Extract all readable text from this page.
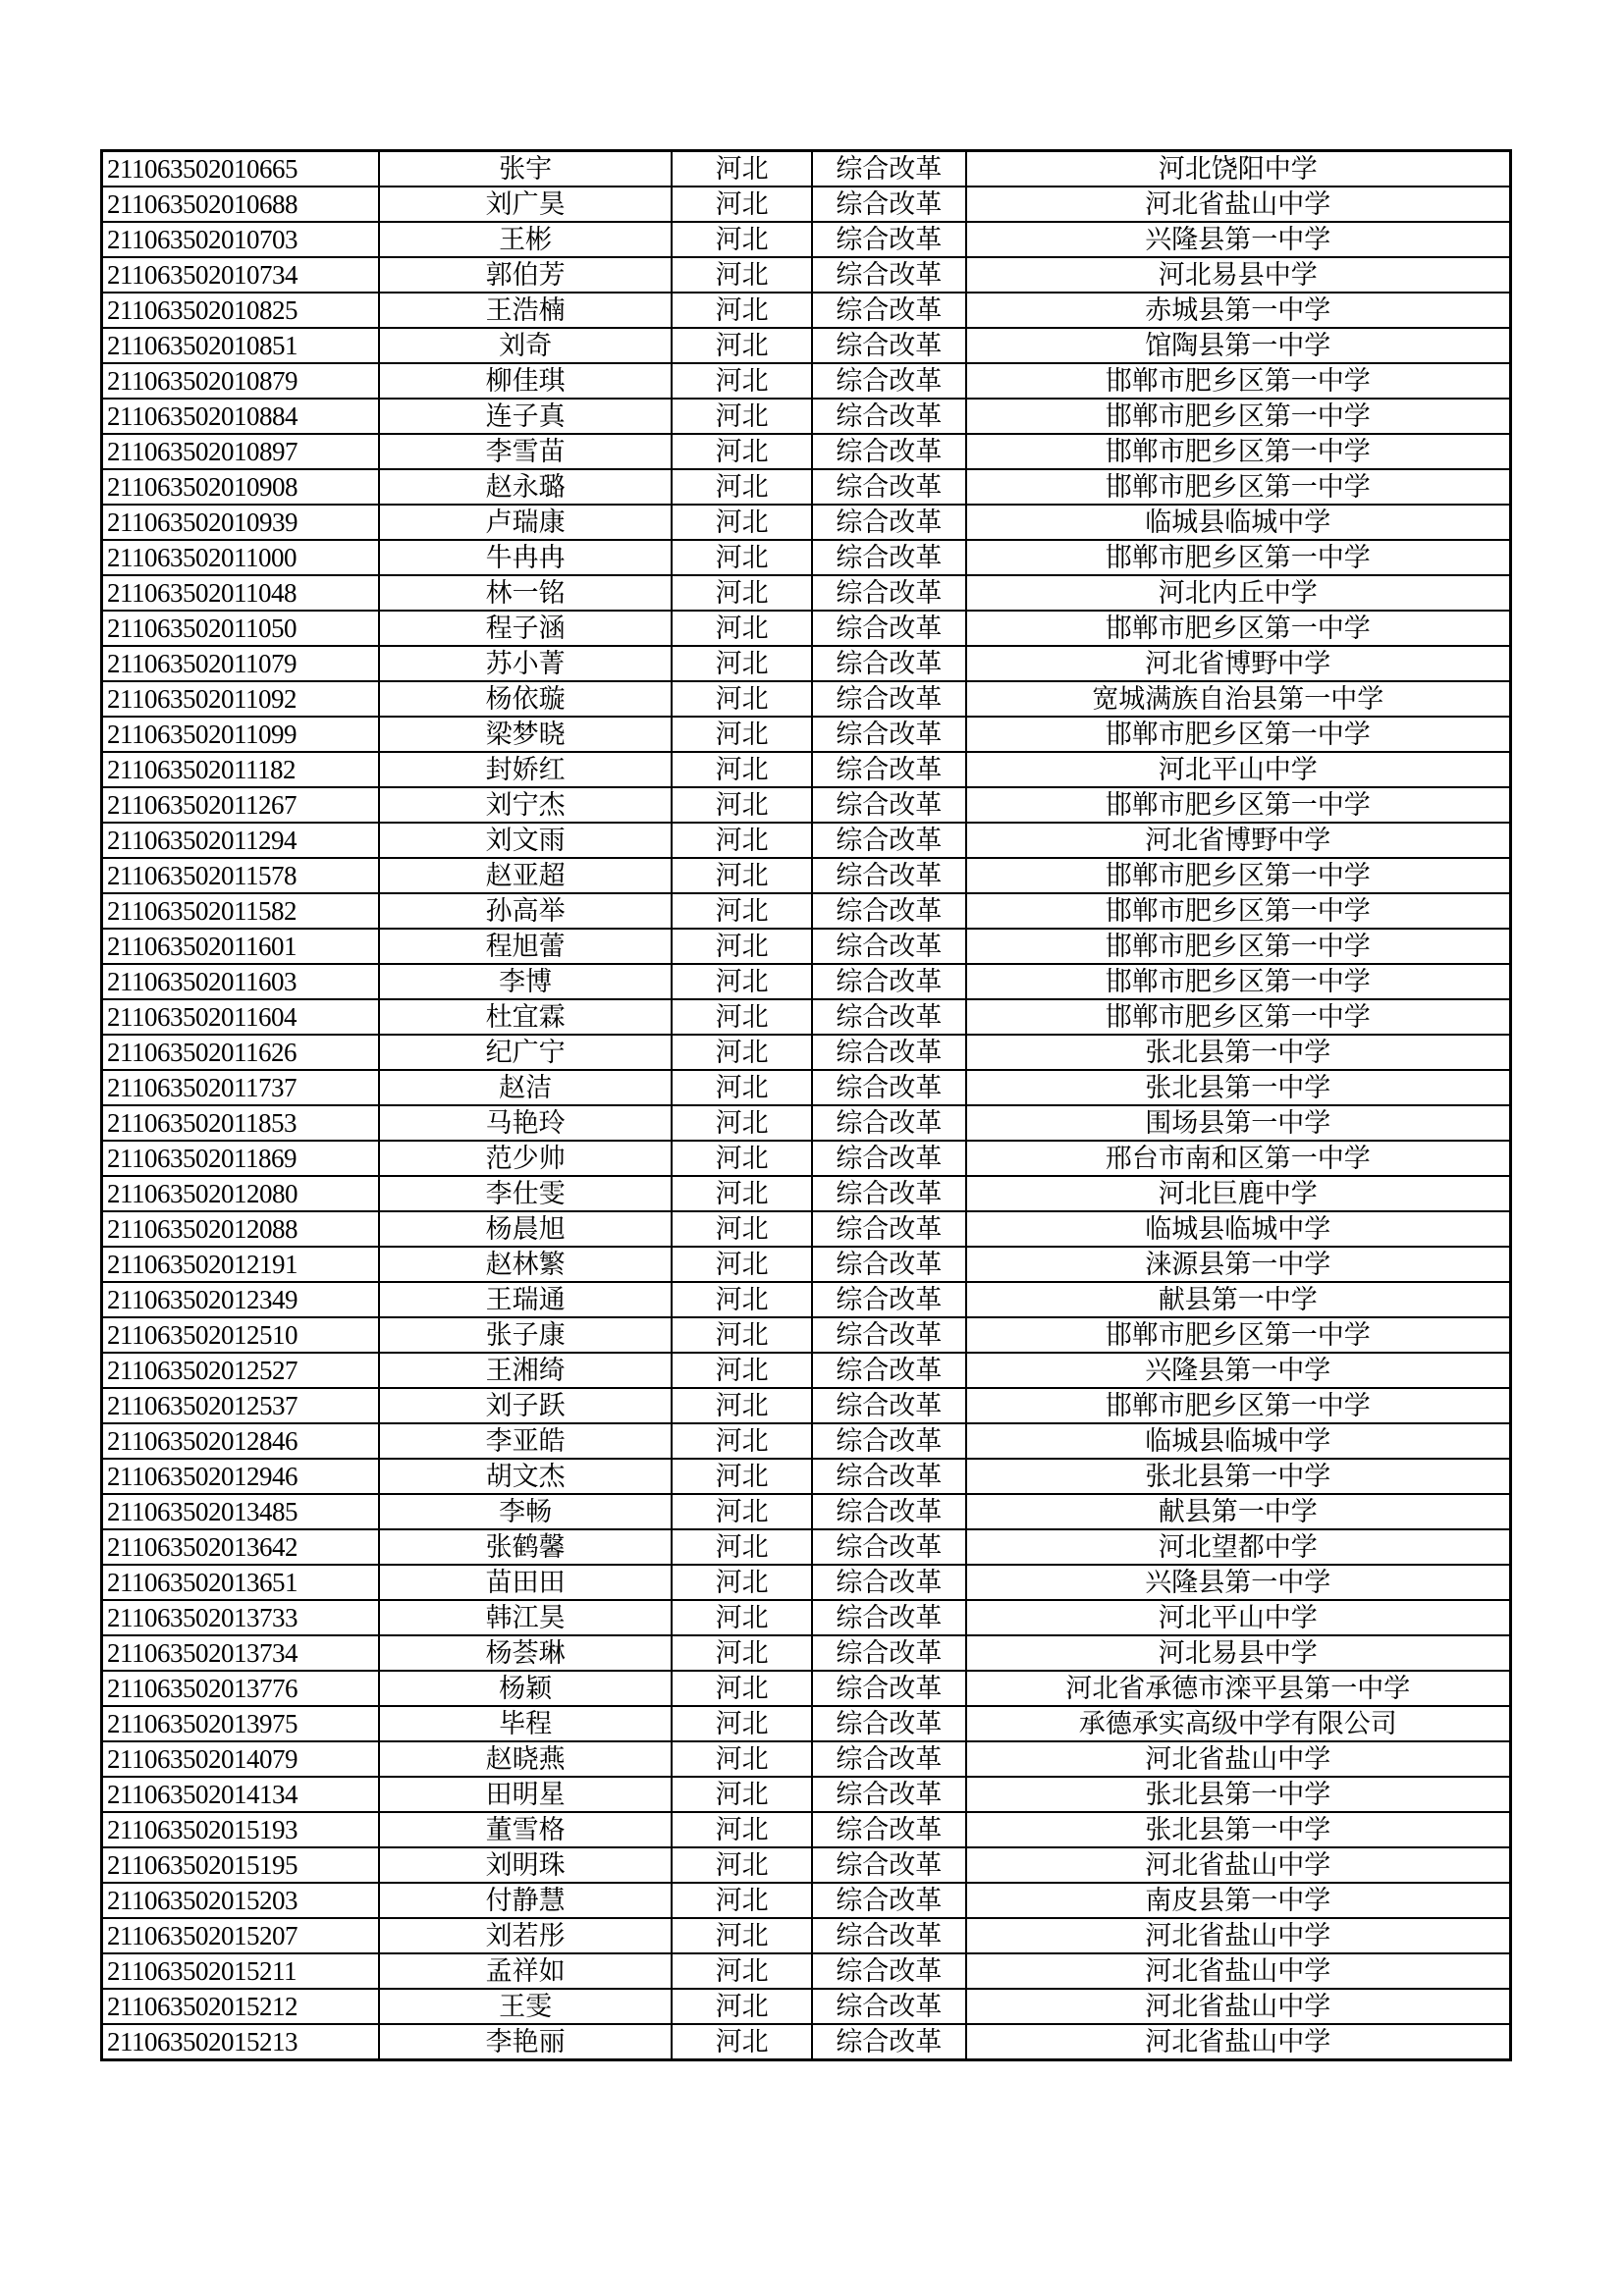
211063502010665	张宇	河北	综合改革	河北饶阳中学
211063502010688	刘广昊	河北	综合改革	河北省盐山中学
211063502010703	王彬	河北	综合改革	兴隆县第一中学
211063502010734	郭伯芳	河北	综合改革	河北易县中学
211063502010825	王浩楠	河北	综合改革	赤城县第一中学
211063502010851	刘奇	河北	综合改革	馆陶县第一中学
211063502010879	柳佳琪	河北	综合改革	邯郸市肥乡区第一中学
211063502010884	连子真	河北	综合改革	邯郸市肥乡区第一中学
211063502010897	李雪苗	河北	综合改革	邯郸市肥乡区第一中学
211063502010908	赵永璐	河北	综合改革	邯郸市肥乡区第一中学
211063502010939	卢瑞康	河北	综合改革	临城县临城中学
211063502011000	牛冉冉	河北	综合改革	邯郸市肥乡区第一中学
211063502011048	林一铭	河北	综合改革	河北内丘中学
211063502011050	程子涵	河北	综合改革	邯郸市肥乡区第一中学
211063502011079	苏小菁	河北	综合改革	河北省博野中学
211063502011092	杨依璇	河北	综合改革	宽城满族自治县第一中学
211063502011099	梁梦晓	河北	综合改革	邯郸市肥乡区第一中学
211063502011182	封娇红	河北	综合改革	河北平山中学
211063502011267	刘宁杰	河北	综合改革	邯郸市肥乡区第一中学
211063502011294	刘文雨	河北	综合改革	河北省博野中学
211063502011578	赵亚超	河北	综合改革	邯郸市肥乡区第一中学
211063502011582	孙高举	河北	综合改革	邯郸市肥乡区第一中学
211063502011601	程旭蕾	河北	综合改革	邯郸市肥乡区第一中学
211063502011603	李博	河北	综合改革	邯郸市肥乡区第一中学
211063502011604	杜宜霖	河北	综合改革	邯郸市肥乡区第一中学
211063502011626	纪广宁	河北	综合改革	张北县第一中学
211063502011737	赵洁	河北	综合改革	张北县第一中学
211063502011853	马艳玲	河北	综合改革	围场县第一中学
211063502011869	范少帅	河北	综合改革	邢台市南和区第一中学
211063502012080	李仕雯	河北	综合改革	河北巨鹿中学
211063502012088	杨晨旭	河北	综合改革	临城县临城中学
211063502012191	赵林繁	河北	综合改革	涞源县第一中学
211063502012349	王瑞通	河北	综合改革	献县第一中学
211063502012510	张子康	河北	综合改革	邯郸市肥乡区第一中学
211063502012527	王湘绮	河北	综合改革	兴隆县第一中学
211063502012537	刘子跃	河北	综合改革	邯郸市肥乡区第一中学
211063502012846	李亚皓	河北	综合改革	临城县临城中学
211063502012946	胡文杰	河北	综合改革	张北县第一中学
211063502013485	李畅	河北	综合改革	献县第一中学
211063502013642	张鹤馨	河北	综合改革	河北望都中学
211063502013651	苗田田	河北	综合改革	兴隆县第一中学
211063502013733	韩江昊	河北	综合改革	河北平山中学
211063502013734	杨荟琳	河北	综合改革	河北易县中学
211063502013776	杨颖	河北	综合改革	河北省承德市滦平县第一中学
211063502013975	毕程	河北	综合改革	承德承实高级中学有限公司
211063502014079	赵晓燕	河北	综合改革	河北省盐山中学
211063502014134	田明星	河北	综合改革	张北县第一中学
211063502015193	董雪格	河北	综合改革	张北县第一中学
211063502015195	刘明珠	河北	综合改革	河北省盐山中学
211063502015203	付静慧	河北	综合改革	南皮县第一中学
211063502015207	刘若彤	河北	综合改革	河北省盐山中学
211063502015211	孟祥如	河北	综合改革	河北省盐山中学
211063502015212	王雯	河北	综合改革	河北省盐山中学
211063502015213	李艳丽	河北	综合改革	河北省盐山中学
